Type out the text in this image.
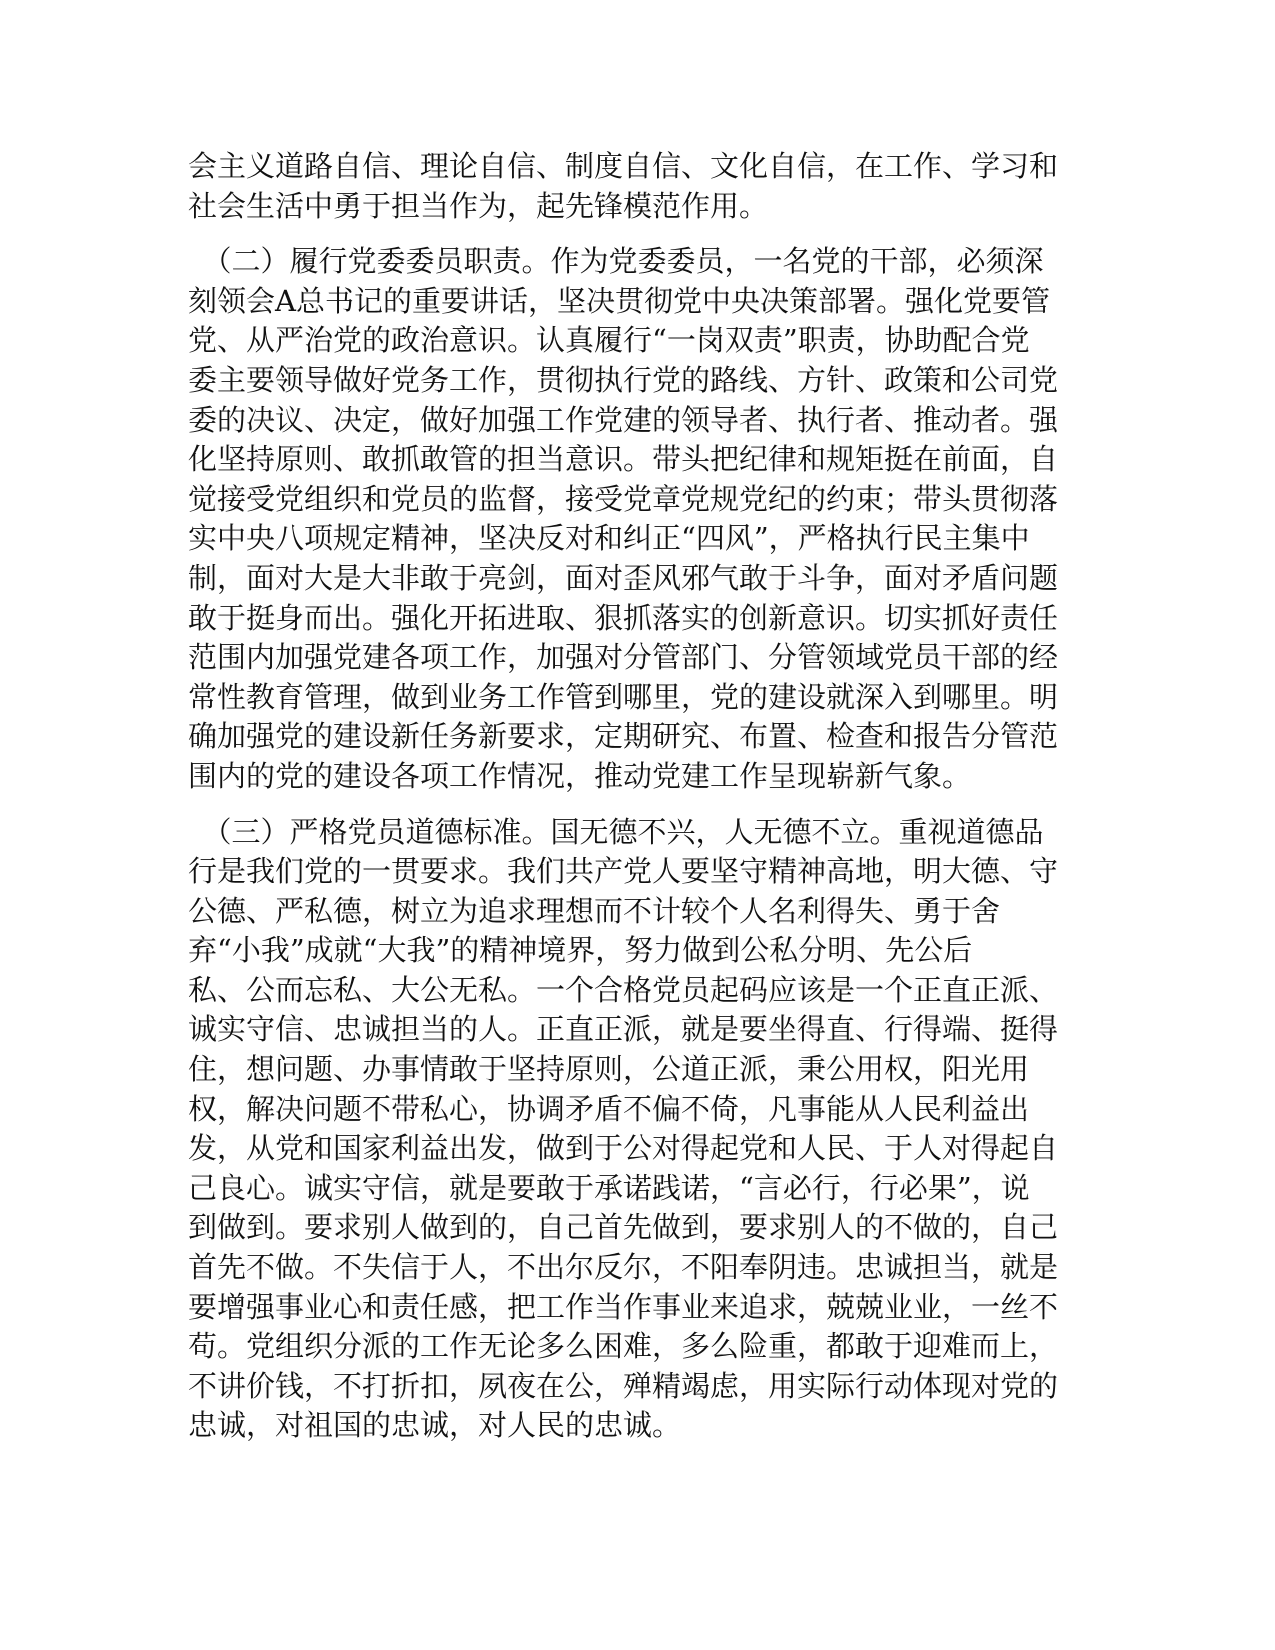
会主义道路自信、理论自信、制度自信、文化自信，在工作、学习和
社会生活中勇于担当作为，起先锋模范作用。
　（二）履行党委委员职责。作为党委委员，一名党的干部，必须深
刻领会A总书记的重要讲话，坚决贯彻党中央决策部署。强化党要管
党、从严治党的政治意识。认真履行“一岗双责”职责，协助配合党
委主要领导做好党务工作，贯彻执行党的路线、方针、政策和公司党
委的决议、决定，做好加强工作党建的领导者、执行者、推动者。强
化坚持原则、敢抓敢管的担当意识。带头把纪律和规矩挺在前面，自
觉接受党组织和党员的监督，接受党章党规党纪的约束；带头贯彻落
实中央八项规定精神，坚决反对和纠正“四风”，严格执行民主集中
制，面对大是大非敢于亮剑，面对歪风邪气敢于斗争，面对矛盾问题
敢于挺身而出。强化开拓进取、狠抓落实的创新意识。切实抓好责任
范围内加强党建各项工作，加强对分管部门、分管领域党员干部的经
常性教育管理，做到业务工作管到哪里，党的建设就深入到哪里。明
确加强党的建设新任务新要求，定期研究、布置、检查和报告分管范
围内的党的建设各项工作情况，推动党建工作呈现崭新气象。
　（三）严格党员道德标准。国无德不兴，人无德不立。重视道德品
行是我们党的一贯要求。我们共产党人要坚守精神高地，明大德、守
公德、严私德，树立为追求理想而不计较个人名利得失、勇于舍
弃“小我”成就“大我”的精神境界，努力做到公私分明、先公后
私、公而忘私、大公无私。一个合格党员起码应该是一个正直正派、
诚实守信、忠诚担当的人。正直正派，就是要坐得直、行得端、挺得
住，想问题、办事情敢于坚持原则，公道正派，秉公用权，阳光用
权，解决问题不带私心，协调矛盾不偏不倚，凡事能从人民利益出
发，从党和国家利益出发，做到于公对得起党和人民、于人对得起自
己良心。诚实守信，就是要敢于承诺践诺，“言必行，行必果”，说
到做到。要求别人做到的，自己首先做到，要求别人的不做的，自己
首先不做。不失信于人，不出尔反尔，不阳奉阴违。忠诚担当，就是
要增强事业心和责任感，把工作当作事业来追求，兢兢业业，一丝不
苟。党组织分派的工作无论多么困难，多么险重，都敢于迎难而上，
不讲价钱，不打折扣，夙夜在公，殚精竭虑，用实际行动体现对党的
忠诚，对祖国的忠诚，对人民的忠诚。
